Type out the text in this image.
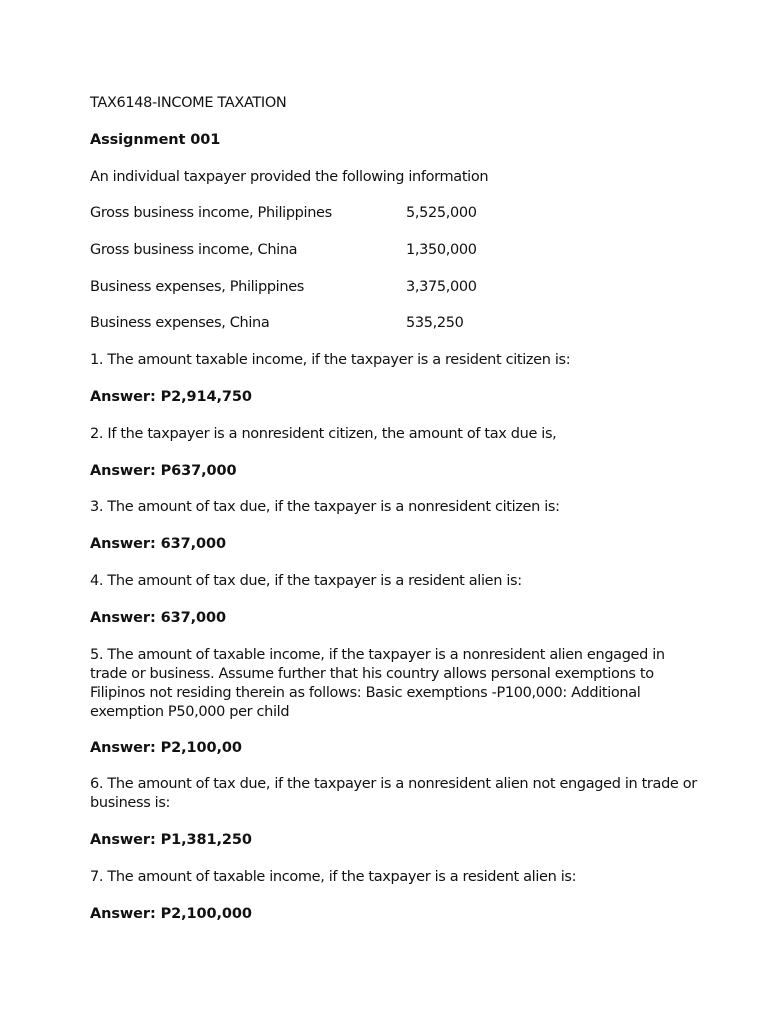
TAX6148-INCOME TAXATION
Assignment 001
An individual taxpayer provided the following information
Gross business income, Philippines	5,525,000
Gross business income, China	1,350,000
Business expenses, Philippines	3,375,000
Business expenses, China	535,250
1. The amount taxable income, if the taxpayer is a resident citizen is:
Answer: P2,914,750
2. If the taxpayer is a nonresident citizen, the amount of tax due is,
Answer: P637,000
3. The amount of tax due, if the taxpayer is a nonresident citizen is:
Answer: 637,000
4. The amount of tax due, if the taxpayer is a resident alien is:
Answer: 637,000
5. The amount of taxable income, if the taxpayer is a nonresident alien engaged in
trade or business. Assume further that his country allows personal exemptions to
Filipinos not residing therein as follows: Basic exemptions -P100,000: Additional
exemption P50,000 per child
Answer: P2,100,00
6. The amount of tax due, if the taxpayer is a nonresident alien not engaged in trade or
business is:
Answer: P1,381,250
7. The amount of taxable income, if the taxpayer is a resident alien is:
Answer: P2,100,000
